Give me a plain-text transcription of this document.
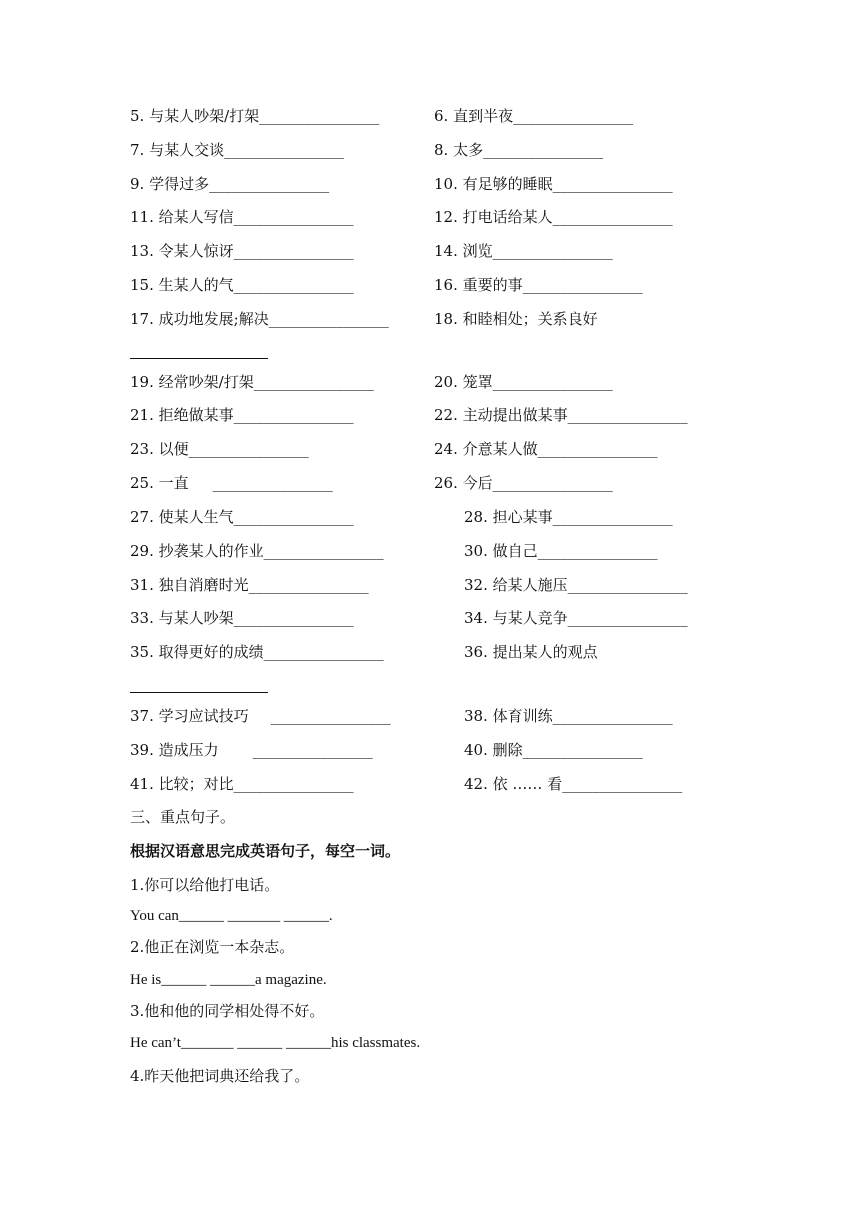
5. 与某人吵架/打架________________	6. 直到半夜________________
7. 与某人交谈________________	8. 太多________________
9. 学得过多________________	10. 有足够的睡眠________________
11. 给某人写信________________	12. 打电话给某人________________
13. 令某人惊讶________________	14. 浏览________________
15. 生某人的气________________	16. 重要的事________________
17. 成功地发展;解决________________	18. 和睦相处；关系良好
19. 经常吵架/打架________________	20. 笼罩________________
21. 拒绝做某事________________	22. 主动提出做某事________________
23. 以便________________	24. 介意某人做________________
25. 一直 ________________	26. 今后________________
27. 使某人生气________________	28. 担心某事________________
29. 抄袭某人的作业________________	30. 做自己________________
31. 独自消磨时光________________	32. 给某人施压________________
33. 与某人吵架________________	34. 与某人竞争________________
35. 取得更好的成绩________________	36. 提出某人的观点
37. 学习应试技巧 ________________	38. 体育训练________________
39. 造成压力 ________________	40. 删除________________
41. 比较；对比________________	42. 依 …… 看________________
三、重点句子。
根据汉语意思完成英语句子，每空一词。
1.你可以给他打电话。
You can______ _______ ______.
2.他正在浏览一本杂志。
He is______ ______a magazine.
3.他和他的同学相处得不好。
He can’t_______ ______ ______his classmates.
4.昨天他把词典还给我了。
